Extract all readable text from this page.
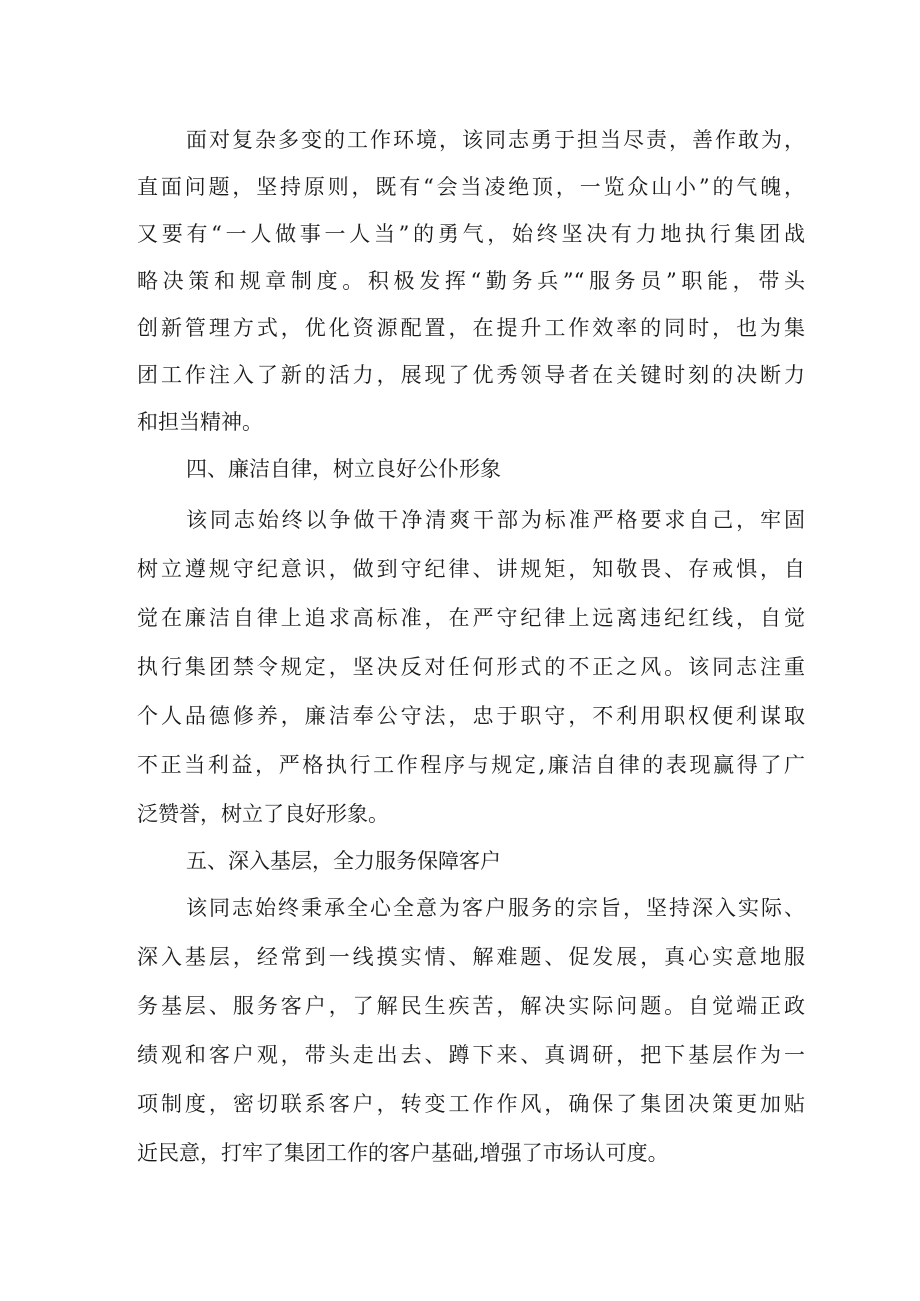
面对复杂多变的工作环境，该同志勇于担当尽责，善作敢为，
直面问题，坚持原则，既有“会当凌绝顶，一览众山小”的气魄，
又要有“一人做事一人当”的勇气，始终坚决有力地执行集团战
略决策和规章制度。积极发挥“勤务兵”“服务员”职能，带头
创新管理方式，优化资源配置，在提升工作效率的同时，也为集
团工作注入了新的活力，展现了优秀领导者在关键时刻的决断力
和担当精神。
四、廉洁自律，树立良好公仆形象
该同志始终以争做干净清爽干部为标准严格要求自己，牢固
树立遵规守纪意识，做到守纪律、讲规矩，知敬畏、存戒惧，自
觉在廉洁自律上追求高标准，在严守纪律上远离违纪红线，自觉
执行集团禁令规定，坚决反对任何形式的不正之风。该同志注重
个人品德修养，廉洁奉公守法，忠于职守，不利用职权便利谋取
不正当利益，严格执行工作程序与规定,廉洁自律的表现赢得了广
泛赞誉，树立了良好形象。
五、深入基层，全力服务保障客户
该同志始终秉承全心全意为客户服务的宗旨，坚持深入实际、
深入基层，经常到一线摸实情、解难题、促发展，真心实意地服
务基层、服务客户，了解民生疾苦，解决实际问题。自觉端正政
绩观和客户观，带头走出去、蹲下来、真调研，把下基层作为一
项制度，密切联系客户，转变工作作风，确保了集团决策更加贴
近民意，打牢了集团工作的客户基础,增强了市场认可度。
